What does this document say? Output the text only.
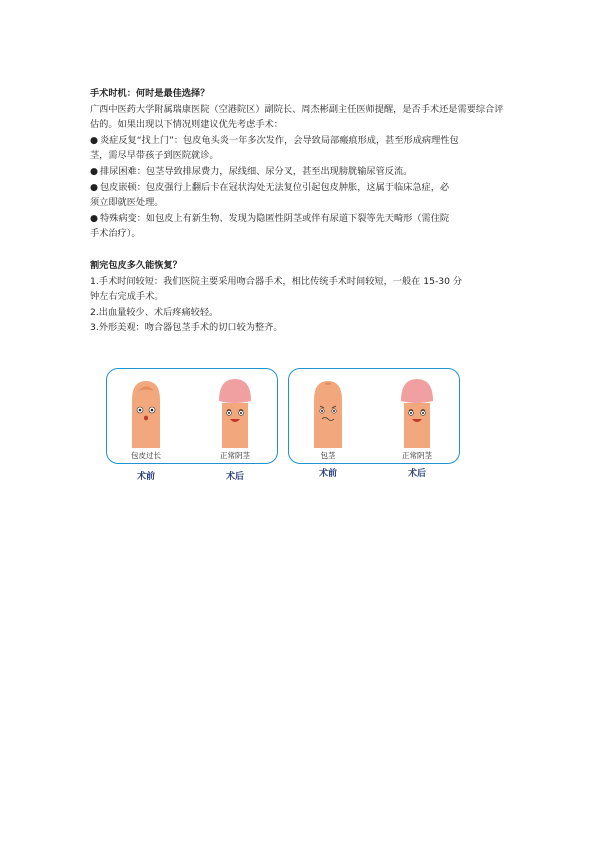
手术时机：何时是最佳选择？

广西中医药大学附属瑞康医院（空港院区）副院长、周杰彬副主任医师提醒，是否手术还是需要综合评估的。如果出现以下情况则建议优先考虑手术：

● 炎症反复“找上门”：包皮龟头炎一年多次发作，会导致局部瘢痕形成，甚至形成病理性包

茎，需尽早带孩子到医院就诊。

● 排尿困难：包茎导致排尿费力，尿线细、尿分叉，甚至出现膀胱输尿管反流。

● 包皮嵌顿：包皮强行上翻后卡在冠状沟处无法复位引起包皮肿胀，这属于临床急症，必

须立即就医处理。

● 特殊病变：如包皮上有新生物、发现为隐匿性阴茎或伴有尿道下裂等先天畸形（需住院

手术治疗）。

割完包皮多久能恢复？

1.手术时间较短：我们医院主要采用吻合器手术，相比传统手术时间较短，一般在 15-30 分

钟左右完成手术。

2.出血量较少、术后疼痛较轻。

3.外形美观：吻合器包茎手术的切口较为整齐。

包皮过长	正常阴茎
术前	术后
包茎	正常阴茎
术前	术后
